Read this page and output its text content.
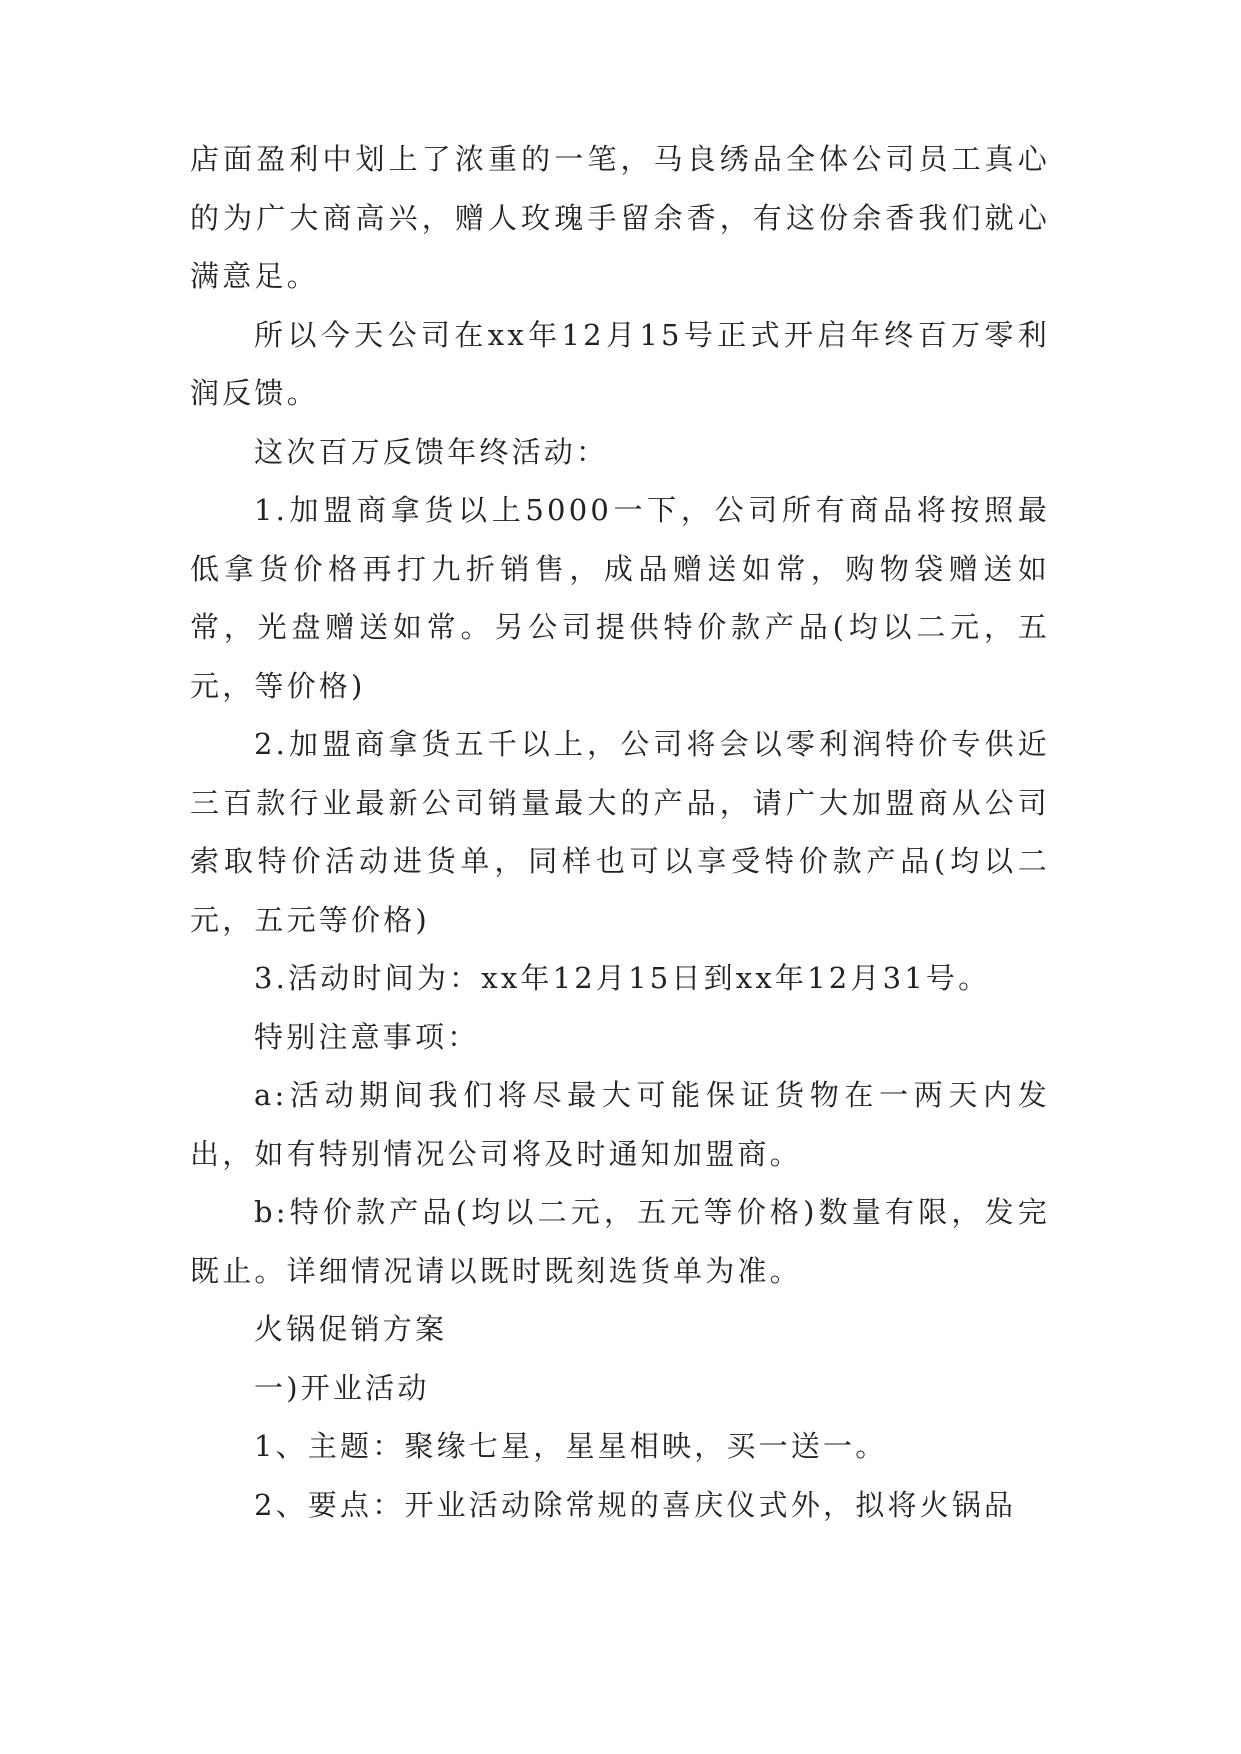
店面盈利中划上了浓重的一笔，马良绣品全体公司员工真心的为广大商高兴，赠人玫瑰手留余香，有这份余香我们就心满意足。

所以今天公司在xx年12月15号正式开启年终百万零利润反馈。

这次百万反馈年终活动：

1.加盟商拿货以上5000一下，公司所有商品将按照最低拿货价格再打九折销售，成品赠送如常，购物袋赠送如常，光盘赠送如常。另公司提供特价款产品(均以二元，五元，等价格)

2.加盟商拿货五千以上，公司将会以零利润特价专供近三百款行业最新公司销量最大的产品，请广大加盟商从公司索取特价活动进货单，同样也可以享受特价款产品(均以二元，五元等价格)

3.活动时间为：xx年12月15日到xx年12月31号。

特别注意事项：

a:活动期间我们将尽最大可能保证货物在一两天内发出，如有特别情况公司将及时通知加盟商。

b:特价款产品(均以二元，五元等价格)数量有限，发完既止。详细情况请以既时既刻选货单为准。

火锅促销方案

一)开业活动

1、主题：聚缘七星，星星相映，买一送一。

2、要点：开业活动除常规的喜庆仪式外，拟将火锅品
